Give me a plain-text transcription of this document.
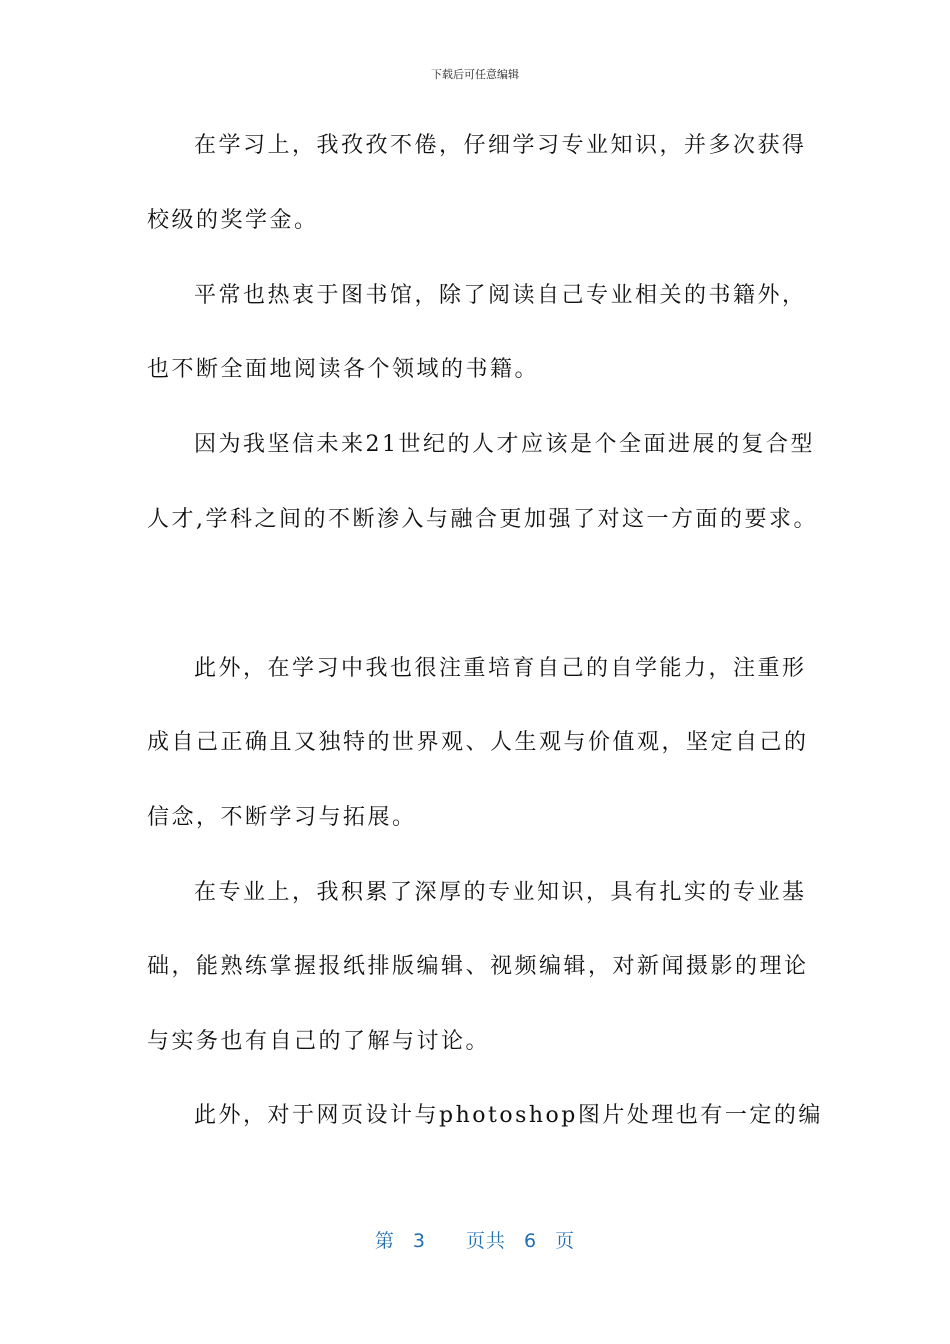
下载后可任意编辑
在学习上，我孜孜不倦，仔细学习专业知识，并多次获得
校级的奖学金。
平常也热衷于图书馆，除了阅读自己专业相关的书籍外，
也不断全面地阅读各个领域的书籍。
因为我坚信未来21世纪的人才应该是个全面进展的复合型
人才,学科之间的不断渗入与融合更加强了对这一方面的要求。
此外，在学习中我也很注重培育自己的自学能力，注重形
成自己正确且又独特的世界观、人生观与价值观，坚定自己的
信念，不断学习与拓展。
在专业上，我积累了深厚的专业知识，具有扎实的专业基
础，能熟练掌握报纸排版编辑、视频编辑，对新闻摄影的理论
与实务也有自己的了解与讨论。
此外，对于网页设计与photoshop图片处理也有一定的编
第 3 页共 6 页
